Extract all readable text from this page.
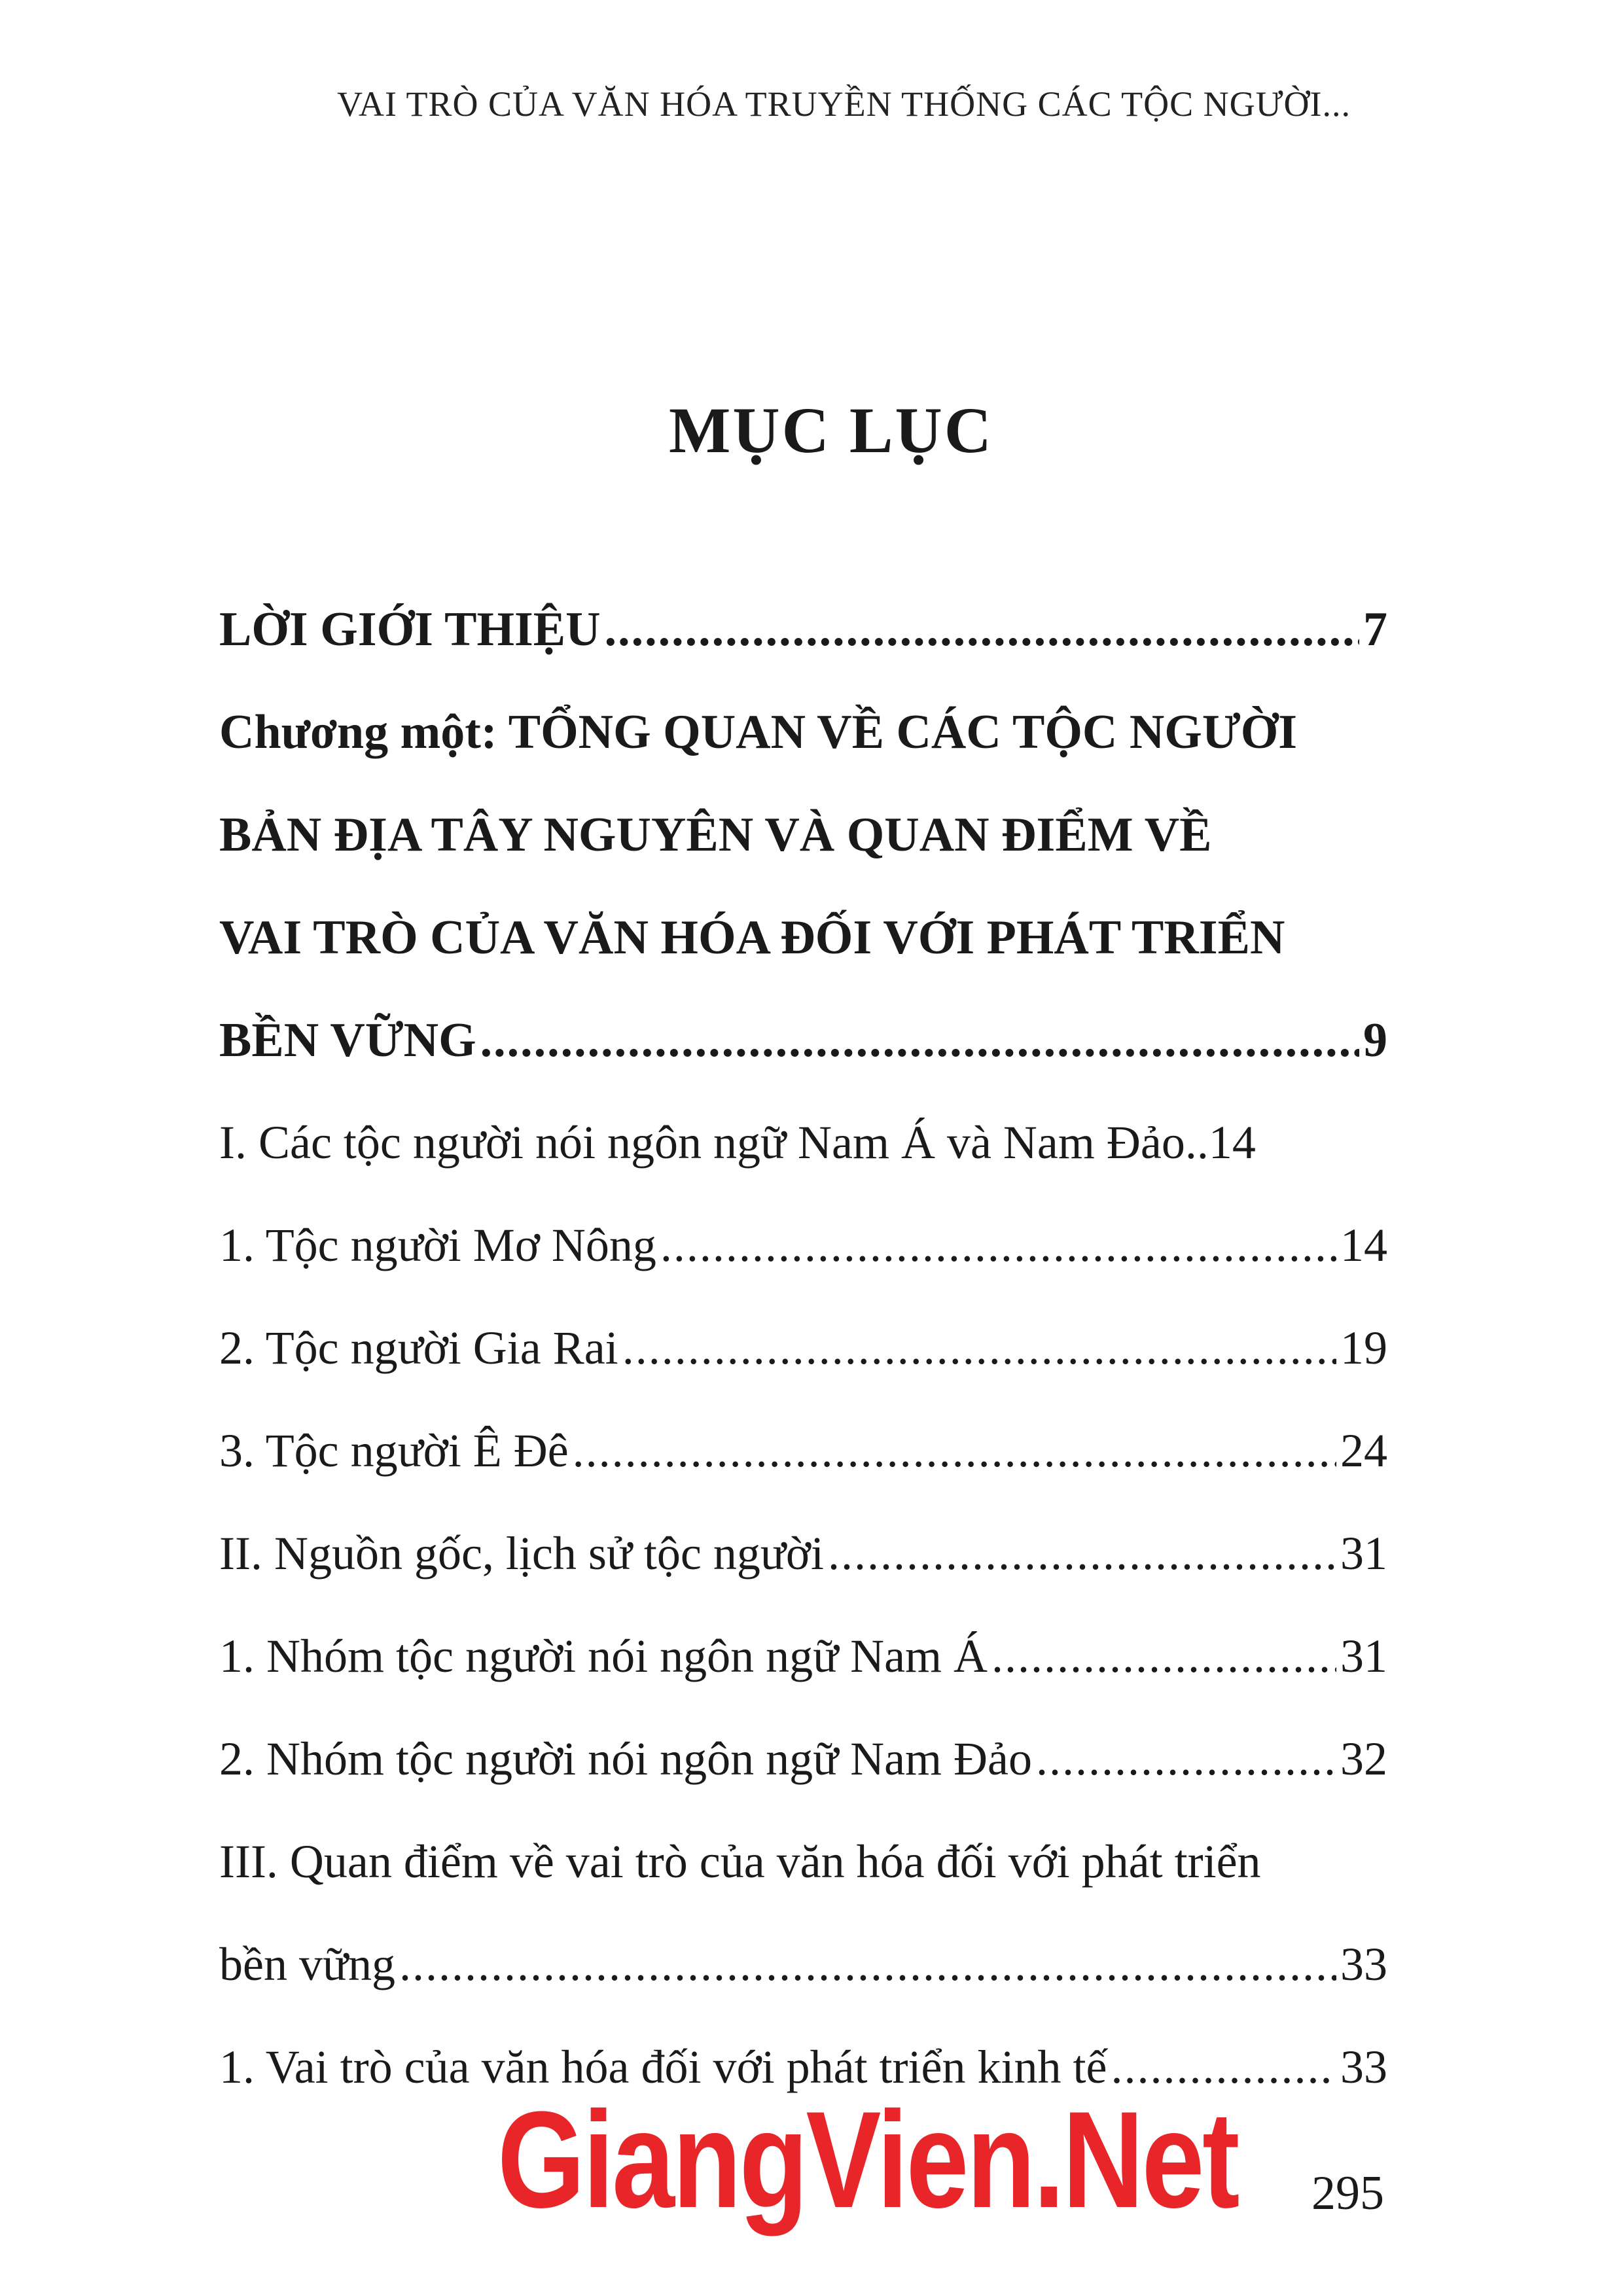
VAI TRÒ CỦA VĂN HÓA TRUYỀN THỐNG CÁC TỘC NGƯỜI...
MỤC LỤC
LỜI GIỚI THIỆU .....	7
Chương một: TỔNG QUAN VỀ CÁC TỘC NGƯỜI
BẢN ĐỊA TÂY NGUYÊN VÀ QUAN ĐIỂM VỀ
VAI TRÒ CỦA VĂN HÓA ĐỐI VỚI PHÁT TRIỂN
BỀN VỮNG .....	9
I. Các tộc người nói ngôn ngữ Nam Á và Nam Đảo.. 14
1. Tộc người Mơ Nông .....	14
2. Tộc người Gia Rai .....	19
3. Tộc người Ê Đê .....	24
II. Nguồn gốc, lịch sử tộc người .....	31
1. Nhóm tộc người nói ngôn ngữ Nam Á .....	31
2. Nhóm tộc người nói ngôn ngữ Nam Đảo .....	32
III. Quan điểm về vai trò của văn hóa đối với phát triển
bền vững .....	33
1. Vai trò của văn hóa đối với phát triển kinh tế .....	33
GiangVien.Net 295
